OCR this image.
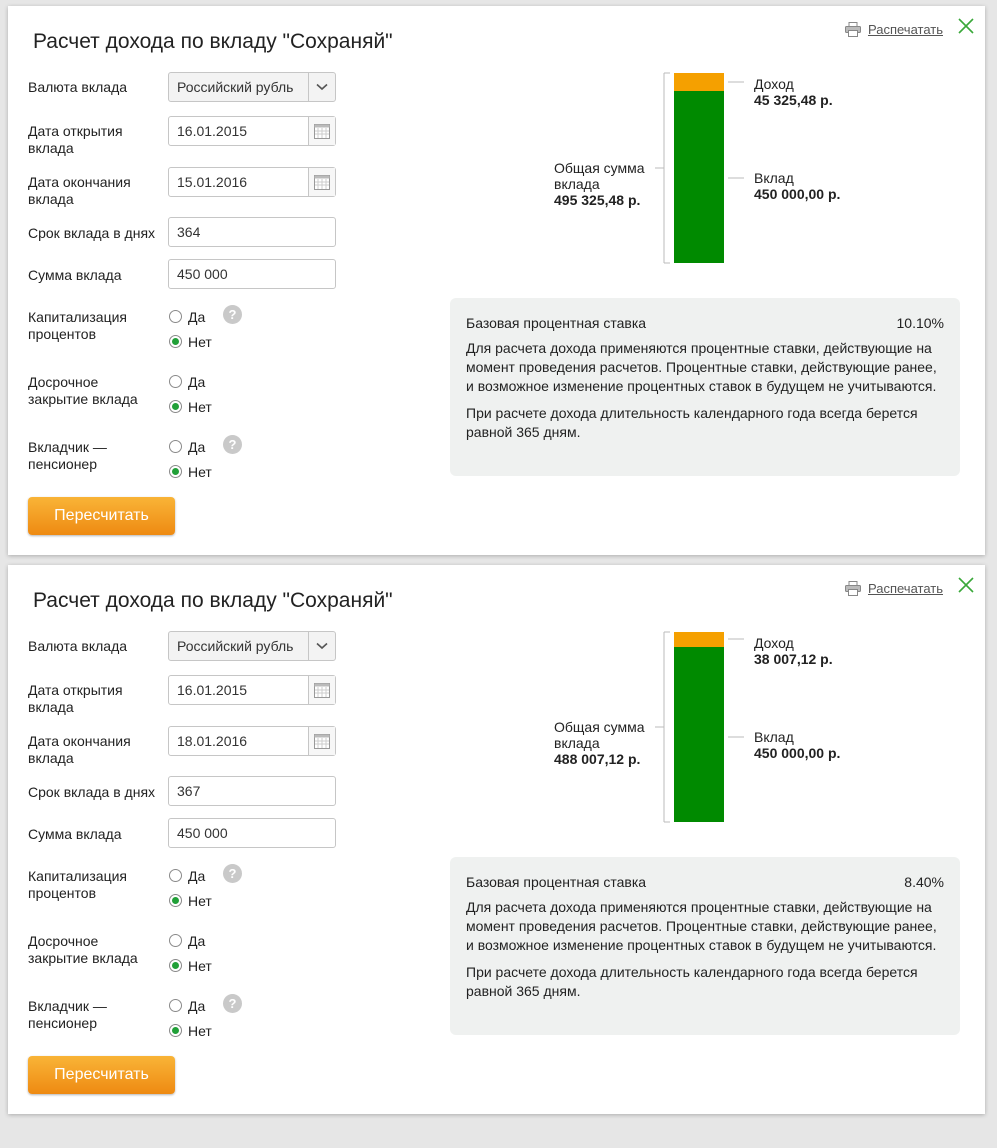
Расчет дохода по вкладу "Сохраняй"
Распечатать
Валюта вклада	Российский рубль
Дата открытия вклада
16.01.2015
Дата окончания вклада
15.01.2016
Срок вклада в днях	364
Сумма вклада	450 000
Капитализация процентов
Да
Нет
?
Досрочное закрытие вклада
Да
Нет
Вкладчик — пенсионер
Да
Нет
?
Пересчитать
Общая сумма вклада
495 325,48 р.
Доход
45 325,48 р.
Вклад
450 000,00 р.
Базовая процентная ставка	10.10%

Для расчета дохода применяются процентные ставки, действующие на момент проведения расчетов. Процентные ставки, действующие ранее, и возможное изменение процентных ставок в будущем не учитываются.

При расчете дохода длительность календарного года всегда берется равной 365 дням.

Расчет дохода по вкладу "Сохраняй"
Распечатать
Валюта вклада	Российский рубль
Дата открытия вклада
16.01.2015
Дата окончания вклада
18.01.2016
Срок вклада в днях	367
Сумма вклада	450 000
Капитализация процентов
Да
Нет
?
Досрочное закрытие вклада
Да
Нет
Вкладчик — пенсионер
Да
Нет
?
Пересчитать
Общая сумма вклада
488 007,12 р.
Доход
38 007,12 р.
Вклад
450 000,00 р.
Базовая процентная ставка	8.40%

Для расчета дохода применяются процентные ставки, действующие на момент проведения расчетов. Процентные ставки, действующие ранее, и возможное изменение процентных ставок в будущем не учитываются.

При расчете дохода длительность календарного года всегда берется равной 365 дням.
